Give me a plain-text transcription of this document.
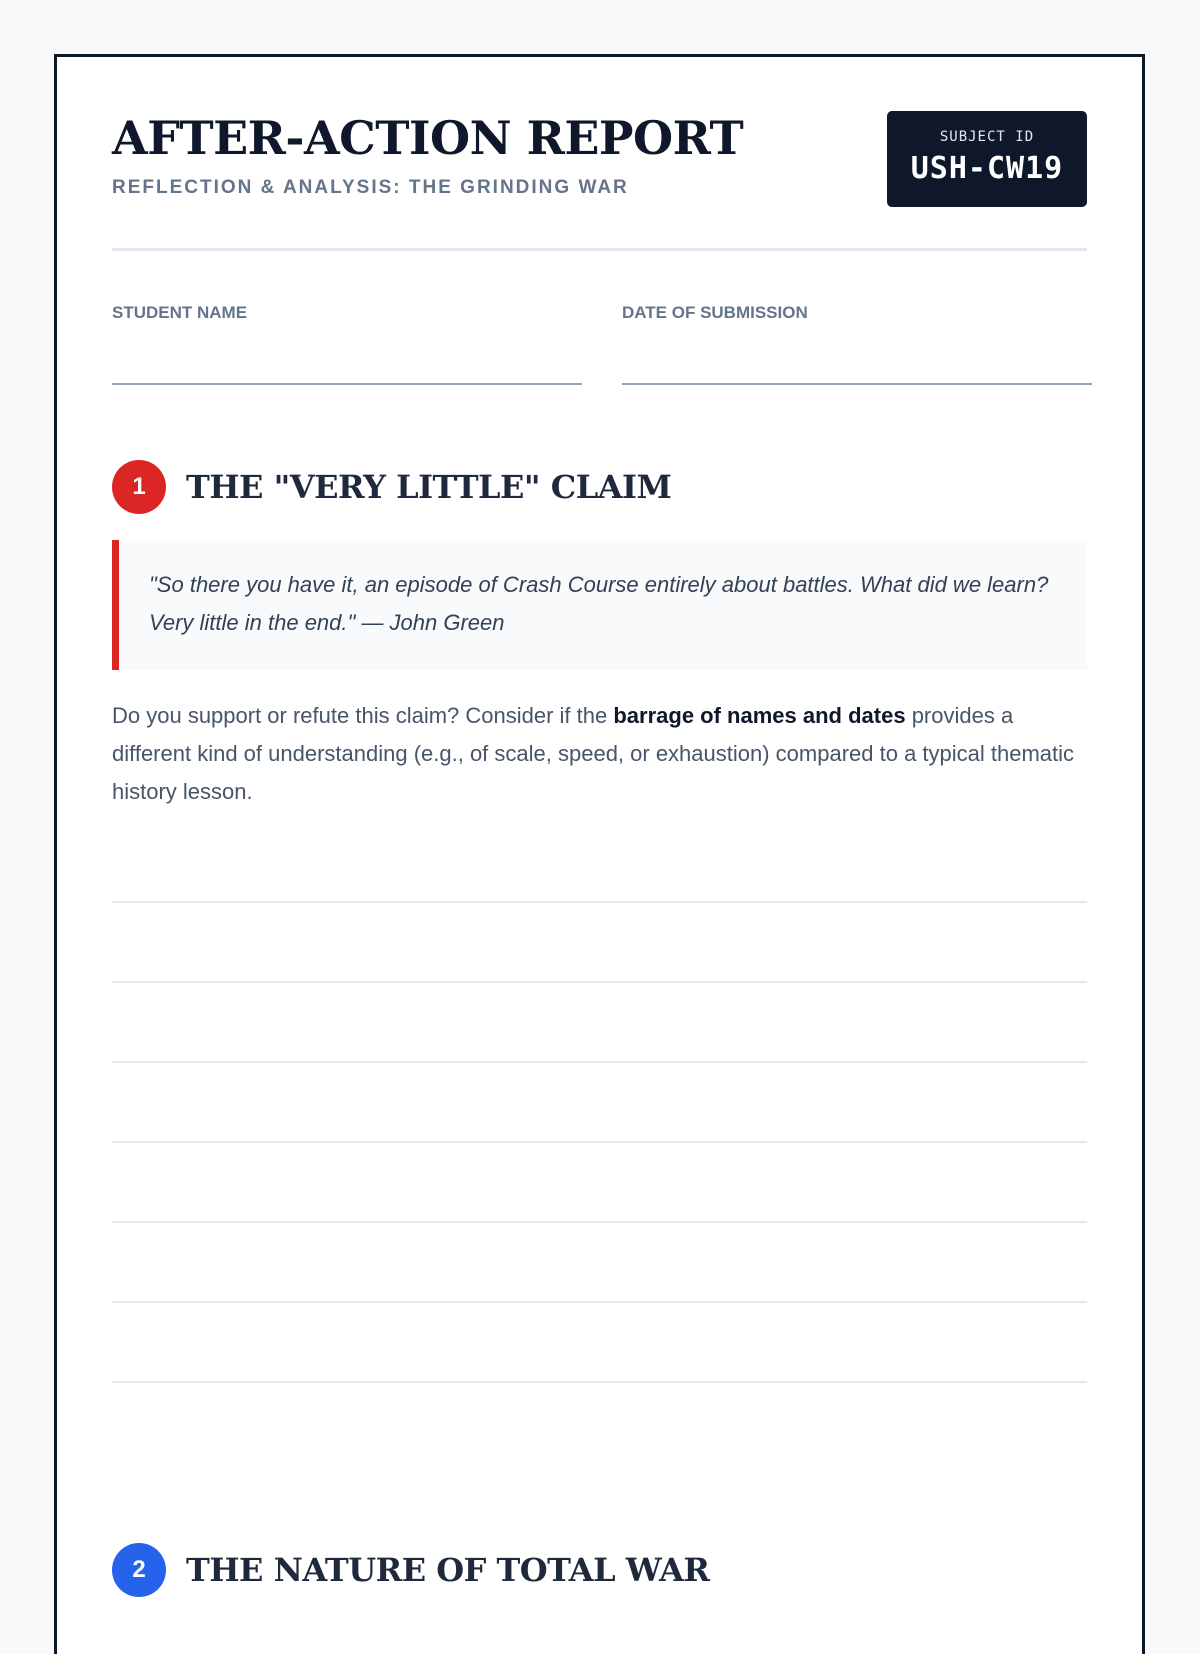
AFTER-ACTION REPORT
REFLECTION & ANALYSIS: THE GRINDING WAR
SUBJECT ID
USH-CW19
STUDENT NAME	DATE OF SUBMISSION
1	THE "VERY LITTLE" CLAIM
"So there you have it, an episode of Crash Course entirely about battles. What did we learn? Very little in the end." — John Green

Do you support or refute this claim? Consider if the barrage of names and dates provides a different kind of understanding (e.g., of scale, speed, or exhaustion) compared to a typical thematic history lesson.

2	THE NATURE OF TOTAL WAR
